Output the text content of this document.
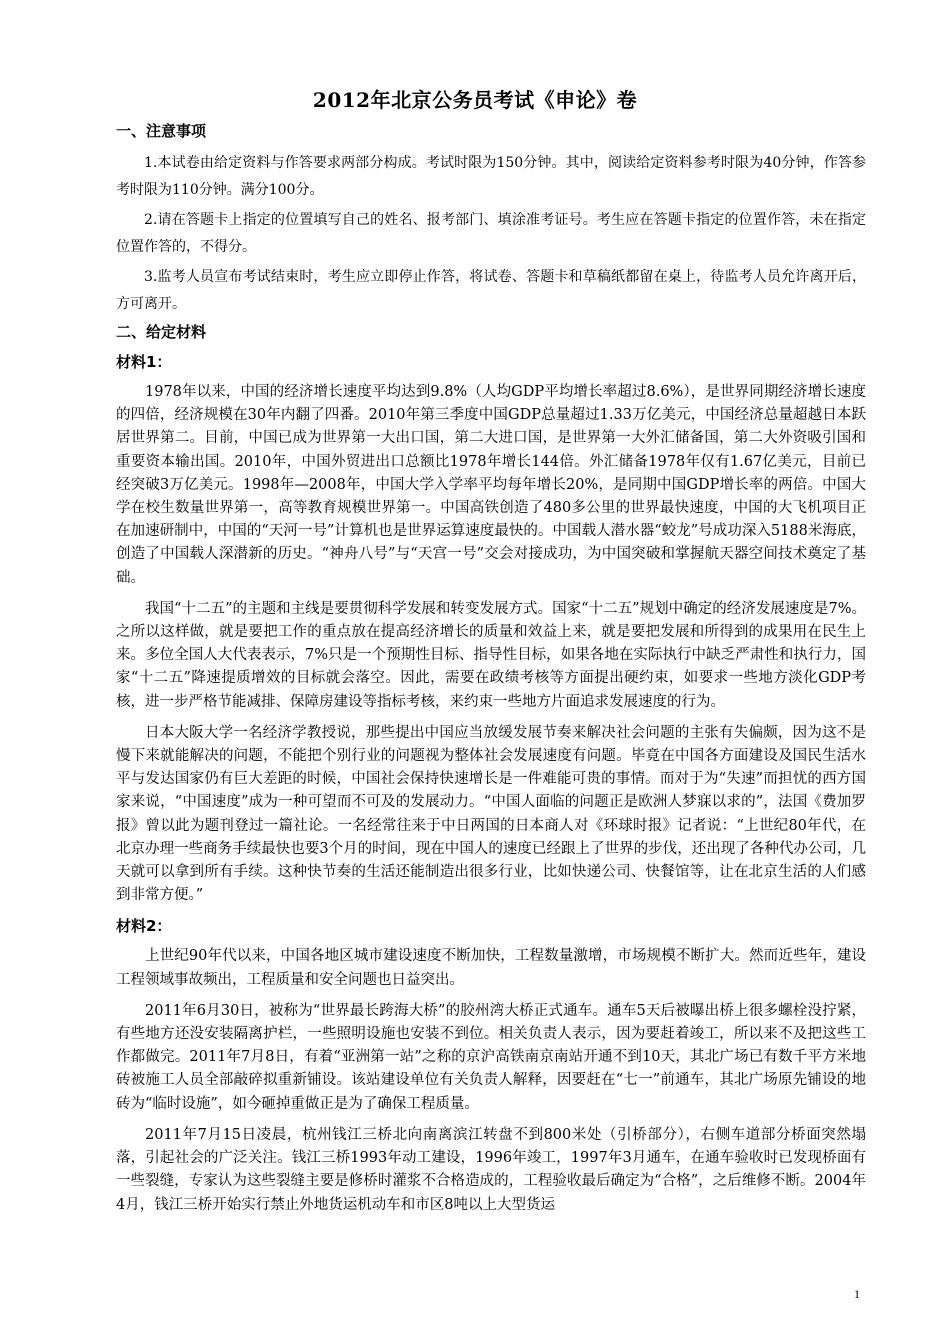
2012年北京公务员考试《申论》卷
一、注意事项

1.本试卷由给定资料与作答要求两部分构成。考试时限为150分钟。其中，阅读给定资料参考时限为40分钟，作答参考时限为110分钟。满分100分。

2.请在答题卡上指定的位置填写自己的姓名、报考部门、填涂准考证号。考生应在答题卡指定的位置作答，未在指定位置作答的，不得分。

3.监考人员宣布考试结束时，考生应立即停止作答，将试卷、答题卡和草稿纸都留在桌上，待监考人员允许离开后，方可离开。

二、给定材料
材料1：

1978年以来，中国的经济增长速度平均达到9.8%（人均GDP平均增长率超过8.6%），是世界同期经济增长速度的四倍，经济规模在30年内翻了四番。2010年第三季度中国GDP总量超过1.33万亿美元，中国经济总量超越日本跃居世界第二。目前，中国已成为世界第一大出口国，第二大进口国，是世界第一大外汇储备国，第二大外资吸引国和重要资本输出国。2010年，中国外贸进出口总额比1978年增长144倍。外汇储备1978年仅有1.67亿美元，目前已经突破3万亿美元。1998年—2008年，中国大学入学率平均每年增长20%，是同期中国GDP增长率的两倍。中国大学在校生数量世界第一，高等教育规模世界第一。中国高铁创造了480多公里的世界最快速度，中国的大飞机项目正在加速研制中，中国的“天河一号”计算机也是世界运算速度最快的。中国载人潜水器“蛟龙”号成功深入5188米海底，创造了中国载人深潜新的历史。“神舟八号”与“天宫一号”交会对接成功，为中国突破和掌握航天器空间技术奠定了基础。

我国“十二五”的主题和主线是要贯彻科学发展和转变发展方式。国家“十二五”规划中确定的经济发展速度是7%。之所以这样做，就是要把工作的重点放在提高经济增长的质量和效益上来，就是要把发展和所得到的成果用在民生上来。多位全国人大代表表示，7%只是一个预期性目标、指导性目标，如果各地在实际执行中缺乏严肃性和执行力，国家“十二五”降速提质增效的目标就会落空。因此，需要在政绩考核等方面提出硬约束，如要求一些地方淡化GDP考核，进一步严格节能减排、保障房建设等指标考核，来约束一些地方片面追求发展速度的行为。

日本大阪大学一名经济学教授说，那些提出中国应当放缓发展节奏来解决社会问题的主张有失偏颇，因为这不是慢下来就能解决的问题，不能把个别行业的问题视为整体社会发展速度有问题。毕竟在中国各方面建设及国民生活水平与发达国家仍有巨大差距的时候，中国社会保持快速增长是一件难能可贵的事情。而对于为“失速”而担忧的西方国家来说，“中国速度”成为一种可望而不可及的发展动力。“中国人面临的问题正是欧洲人梦寐以求的”，法国《费加罗报》曾以此为题刊登过一篇社论。一名经常往来于中日两国的日本商人对《环球时报》记者说：“上世纪80年代，在北京办理一些商务手续最快也要3个月的时间，现在中国人的速度已经跟上了世界的步伐，还出现了各种代办公司，几天就可以拿到所有手续。这种快节奏的生活还能制造出很多行业，比如快递公司、快餐馆等，让在北京生活的人们感到非常方便。”

材料2：

上世纪90年代以来，中国各地区城市建设速度不断加快，工程数量激增，市场规模不断扩大。然而近些年，建设工程领域事故频出，工程质量和安全问题也日益突出。

2011年6月30日，被称为“世界最长跨海大桥”的胶州湾大桥正式通车。通车5天后被曝出桥上很多螺栓没拧紧，有些地方还没安装隔离护栏，一些照明设施也安装不到位。相关负责人表示，因为要赶着竣工，所以来不及把这些工作都做完。2011年7月8日，有着“亚洲第一站”之称的京沪高铁南京南站开通不到10天，其北广场已有数千平方米地砖被施工人员全部敲碎拟重新铺设。该站建设单位有关负责人解释，因要赶在“七一”前通车，其北广场原先铺设的地砖为“临时设施”，如今砸掉重做正是为了确保工程质量。

2011年7月15日凌晨，杭州钱江三桥北向南离滨江转盘不到800米处（引桥部分），右侧车道部分桥面突然塌落，引起社会的广泛关注。钱江三桥1993年动工建设，1996年竣工，1997年3月通车，在通车验收时已发现桥面有一些裂缝，专家认为这些裂缝主要是修桥时灌浆不合格造成的，工程验收最后确定为“合格”，之后维修不断。2004年4月，钱江三桥开始实行禁止外地货运机动车和市区8吨以上大型货运

1
